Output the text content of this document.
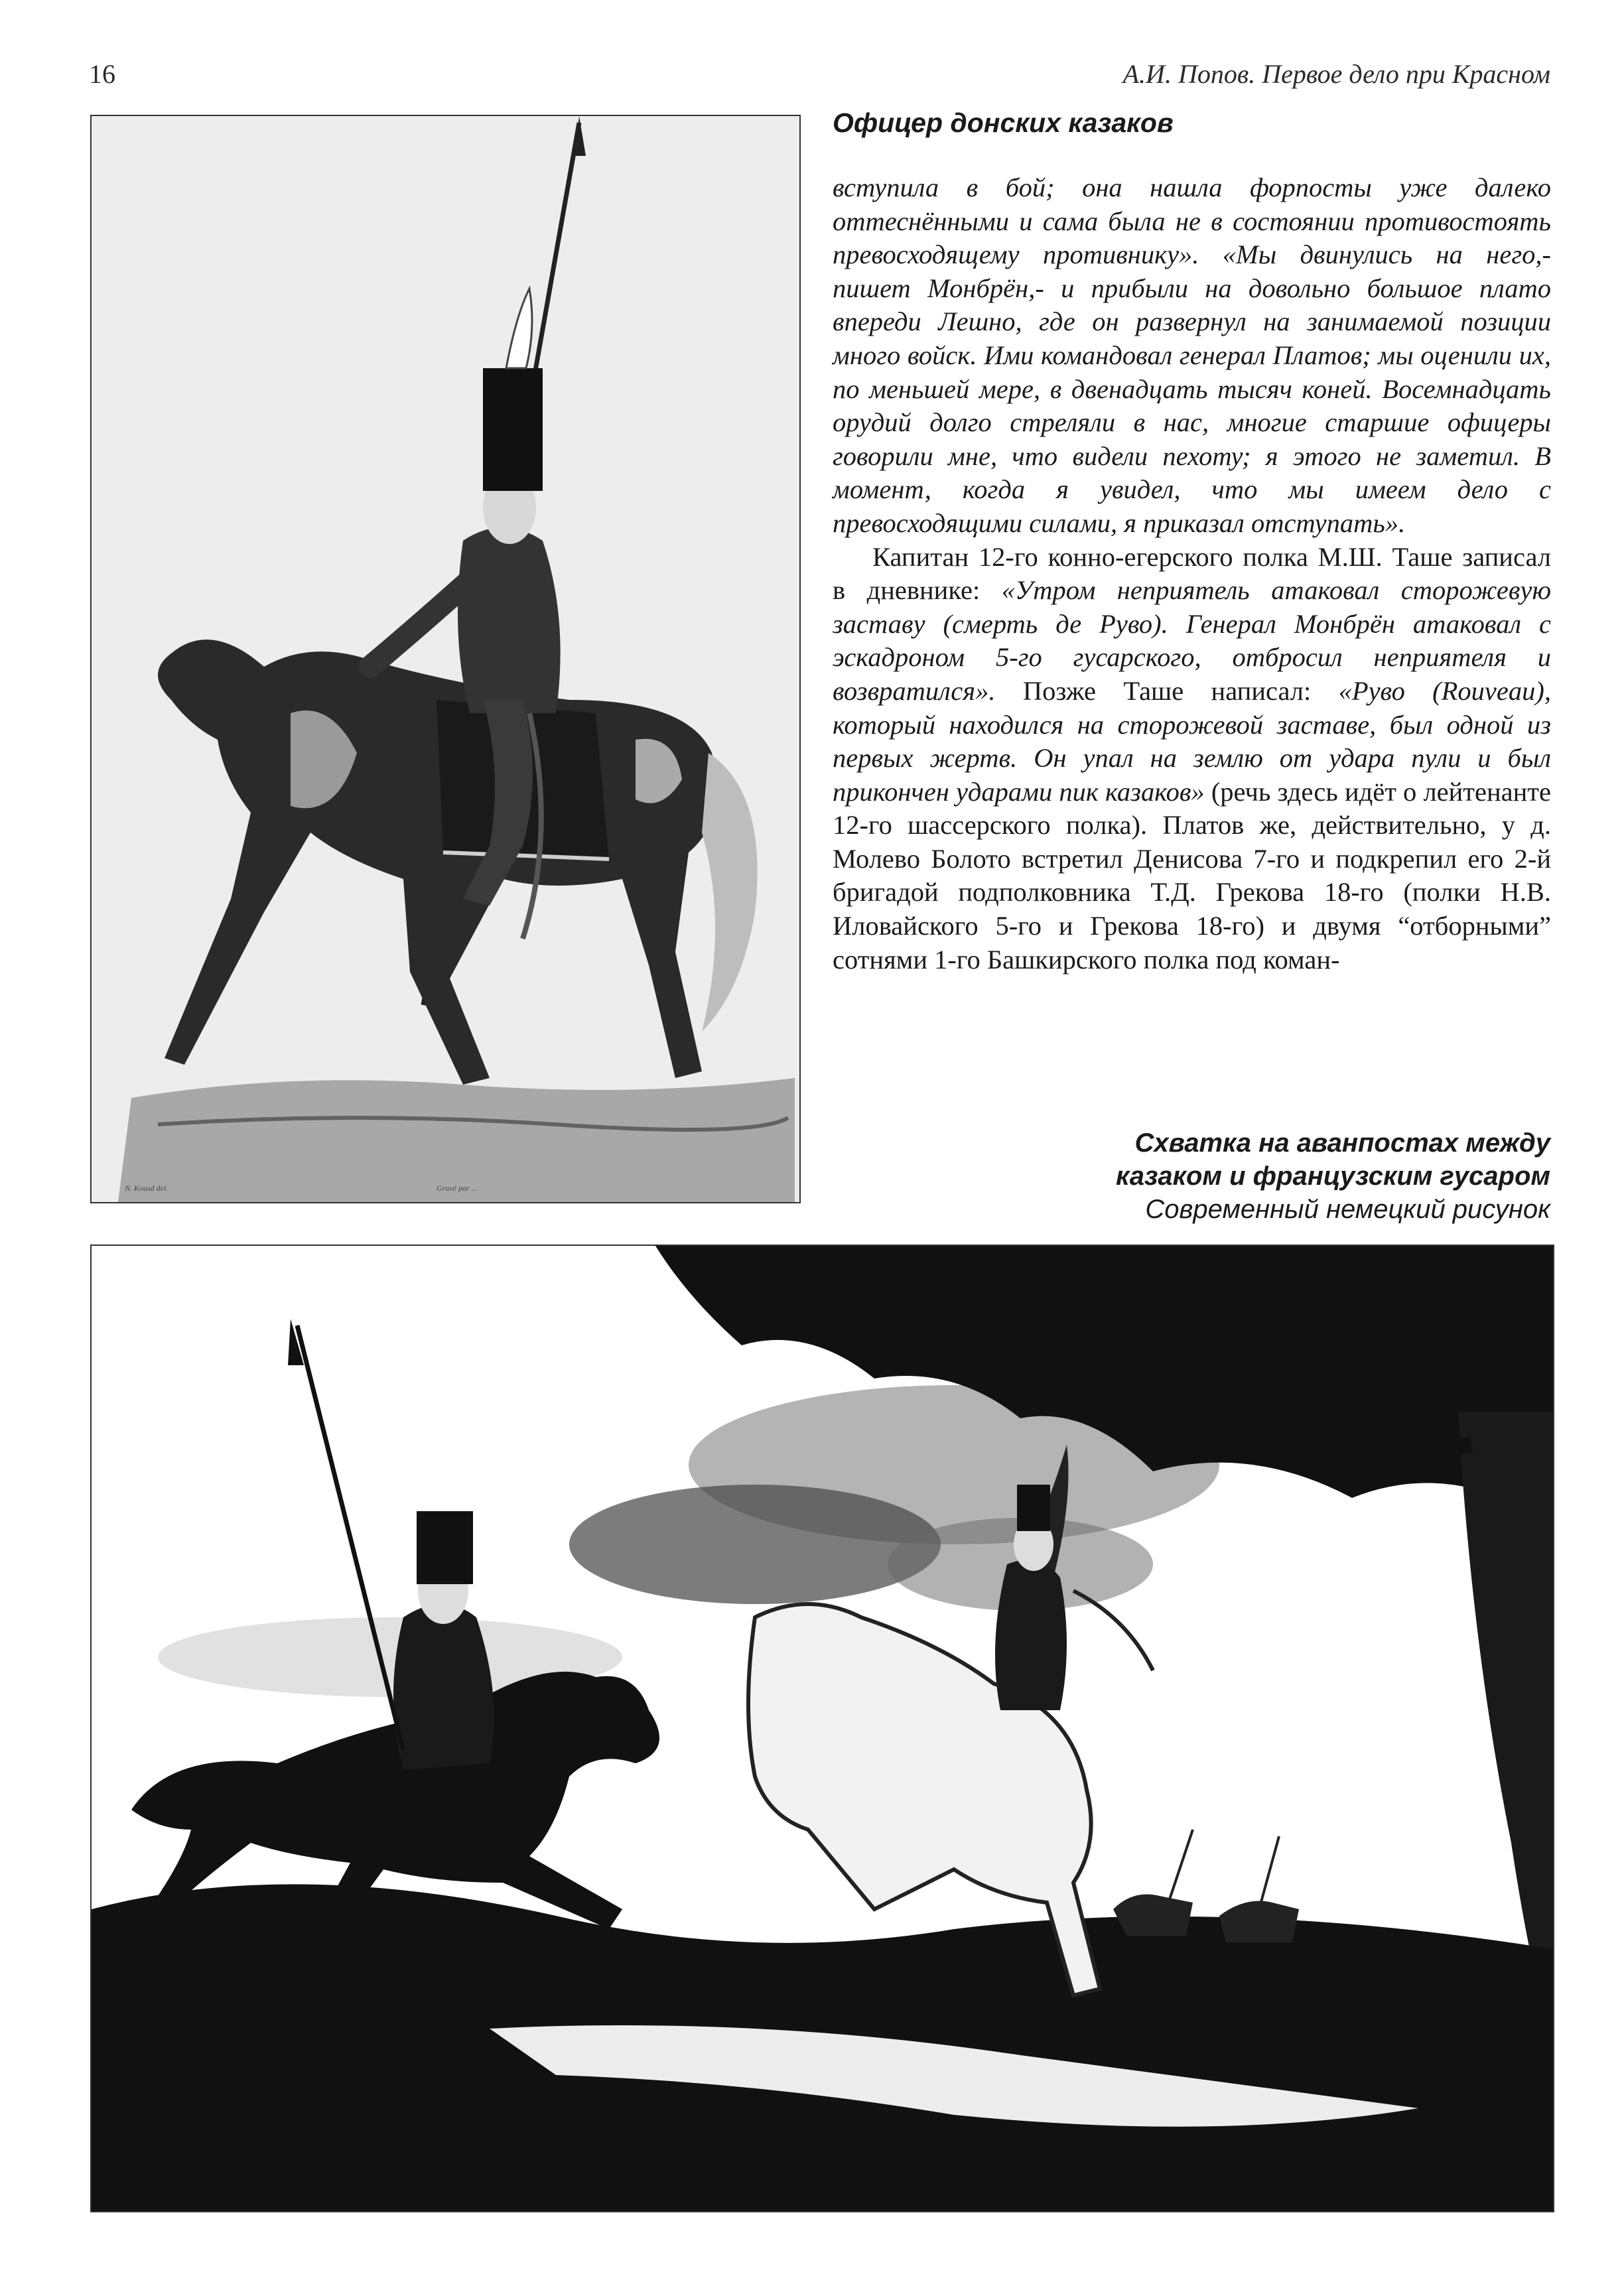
16	А.И. Попов. Первое дело при Красном
N. Kousd del.	Gravé par ...
Офицер донских казаков

вступила в бой; она нашла форпосты уже далеко оттеснёнными и сама была не в состоянии противостоять превосходящему противнику». «Мы двинулись на него,- пишет Монбрён,- и прибыли на довольно большое плато впереди Лешно, где он развернул на занимаемой позиции много войск. Ими командовал генерал Платов; мы оценили их, по меньшей мере, в двенадцать тысяч коней. Восемнадцать орудий долго стреляли в нас, многие старшие офицеры говорили мне, что видели пехоту; я этого не заметил. В момент, когда я увидел, что мы имеем дело с превосходящими силами, я приказал отступать».

Капитан 12-го конно-егерского полка М.Ш. Таше записал в дневнике: «Утром неприятель атаковал сторожевую заставу (смерть де Руво). Генерал Монбрён атаковал с эскадроном 5-го гусарского, отбросил неприятеля и возвратился». Позже Таше написал: «Руво (Rouveau), который находился на сторожевой заставе, был одной из первых жертв. Он упал на землю от удара пули и был прикончен ударами пик казаков» (речь здесь идёт о лейтенанте 12-го шассерского полка). Платов же, действительно, у д. Молево Болото встретил Денисова 7-го и подкрепил его 2-й бригадой подполковника Т.Д. Грекова 18-го (полки Н.В. Иловайского 5-го и Грекова 18-го) и двумя “отборными” сотнями 1-го Башкирского полка под коман-

Схватка на аванпостах между
казаком и французским гусаром
Современный немецкий рисунок
